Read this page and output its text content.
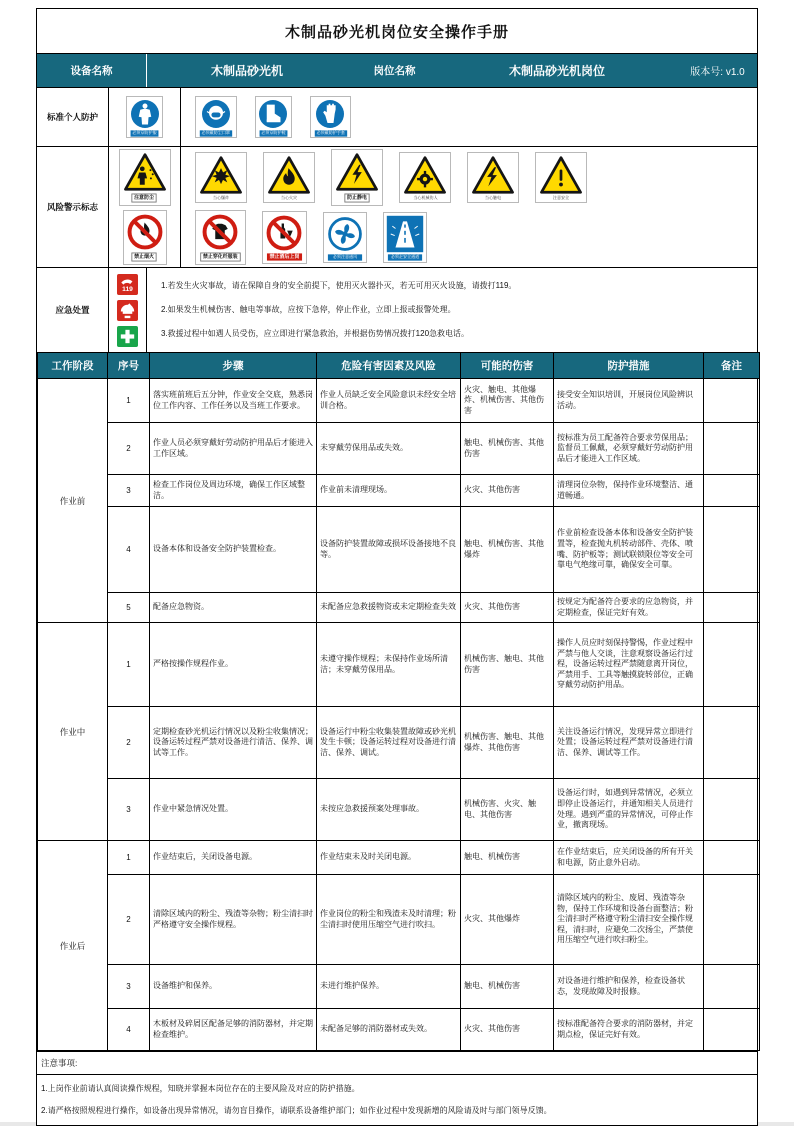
木制品砂光机岗位安全操作手册
设备名称	木制品砂光机	岗位名称	木制品砂光机岗位	版本号: v1.0
标准个人防护
必须穿防护服	必须戴防尘口罩	必须穿防护鞋	必须戴防护手套
风险警示标志
注意防尘
禁止烟火
当心爆炸	当心火灾	防止静电	当心机械伤人	当心触电	注意安全
禁止穿化纤服装	禁止酒后上岗	必须注意通风	必须走安全通道
应急处置
119	1.若发生火灾事故，请在保障自身的安全前提下，使用灭火器扑灭，若无可用灭火设施，请拨打119。
2.如果发生机械伤害、触电等事故，应按下急停，停止作业，立即上报或报警处理。
3.救援过程中如遇人员受伤，应立即进行紧急救治，并根据伤势情况拨打120急救电话。
工作阶段	序号	步骤	危险有害因素及风险	可能的伤害	防护措施	备注
作业前	1	落实班前班后五分钟，作业安全交底，熟悉岗位工作内容、工作任务以及当班工作要求。	作业人员缺乏安全风险意识未经安全培训合格。	火灾、触电、其他爆炸、机械伤害、其他伤害	接受安全知识培训，开展岗位风险辨识活动。	
	2	作业人员必须穿戴好劳动防护用品后才能进入工作区域。	未穿戴劳保用品或失效。	触电、机械伤害、其他伤害	按标准为员工配备符合要求劳保用品；监督员工佩戴，必须穿戴好劳动防护用品后才能进入工作区域。	
	3	检查工作岗位及周边环境，确保工作区域整洁。	作业前未清理现场。	火灾、其他伤害	清理岗位杂物，保持作业环境整洁、通道畅通。	
	4	设备本体和设备安全防护装置检查。	设备防护装置故障或损坏设备接地不良等。	触电、机械伤害、其他爆炸	作业前检查设备本体和设备安全防护装置等，检查抛丸机转动部件、壳体、喷嘴、防护板等；测试联锁限位等安全可靠电气绝缘可靠，确保安全可靠。	
	5	配备应急物资。	未配备应急救援物资或未定期检查失效	火灾、其他伤害	按规定为配备符合要求的应急物资，并定期检查，保证完好有效。	
作业中	1	严格按操作规程作业。	未遵守操作规程；未保持作业场所清洁；未穿戴劳保用品。	机械伤害、触电、其他伤害	操作人员应时刻保持警惕，作业过程中严禁与他人交谈，注意观察设备运行过程，设备运转过程严禁随意离开岗位，严禁用手、工具等触摸旋转部位，正确穿戴劳动防护用品。	
	2	定期检查砂光机运行情况以及粉尘收集情况；设备运转过程严禁对设备进行清洁、保养、调试等工作。	设备运行中粉尘收集装置故障或砂光机发生卡顿；设备运转过程对设备进行清洁、保养、调试。	机械伤害、触电、其他爆炸、其他伤害	关注设备运行情况，发现异常立即进行处置；设备运转过程严禁对设备进行清洁、保养、调试等工作。	
	3	作业中紧急情况处置。	未按应急救援预案处理事故。	机械伤害、火灾、触电、其他伤害	设备运行时，如遇到异常情况，必须立即停止设备运行，并通知相关人员进行处理。遇到严重的异常情况，可停止作业，撤离现场。	
作业后	1	作业结束后，关闭设备电源。	作业结束未及时关闭电源。	触电、机械伤害	在作业结束后，应关闭设备的所有开关和电源，防止意外启动。	
	2	清除区域内的粉尘、残渣等杂物；粉尘清扫时严格遵守安全操作规程。	作业岗位的粉尘和残渣未及时清理；粉尘清扫时使用压缩空气进行吹扫。	火灾、其他爆炸	清除区域内的粉尘、废屑、残渣等杂物，保持工作环境和设备台面整洁；粉尘清扫时严格遵守粉尘清扫安全操作规程，清扫时，应避免二次扬尘，严禁使用压缩空气进行吹扫粉尘。	
	3	设备维护和保养。	未进行维护保养。	触电、机械伤害	对设备进行维护和保养，检查设备状态，发现故障及时报修。	
	4	木板材及碎屑区配备足够的消防器材，并定期检查维护。	未配备足够的消防器材或失效。	火灾、其他伤害	按标准配备符合要求的消防器材，并定期点检，保证完好有效。	
注意事项:
1.上岗作业前请认真阅读操作规程，知晓并掌握本岗位存在的主要风险及对应的防护措施。
2.请严格按照规程进行操作，如设备出现异常情况，请勿盲目操作，请联系设备维护部门；如作业过程中发现新增的风险请及时与部门领导反馈。
